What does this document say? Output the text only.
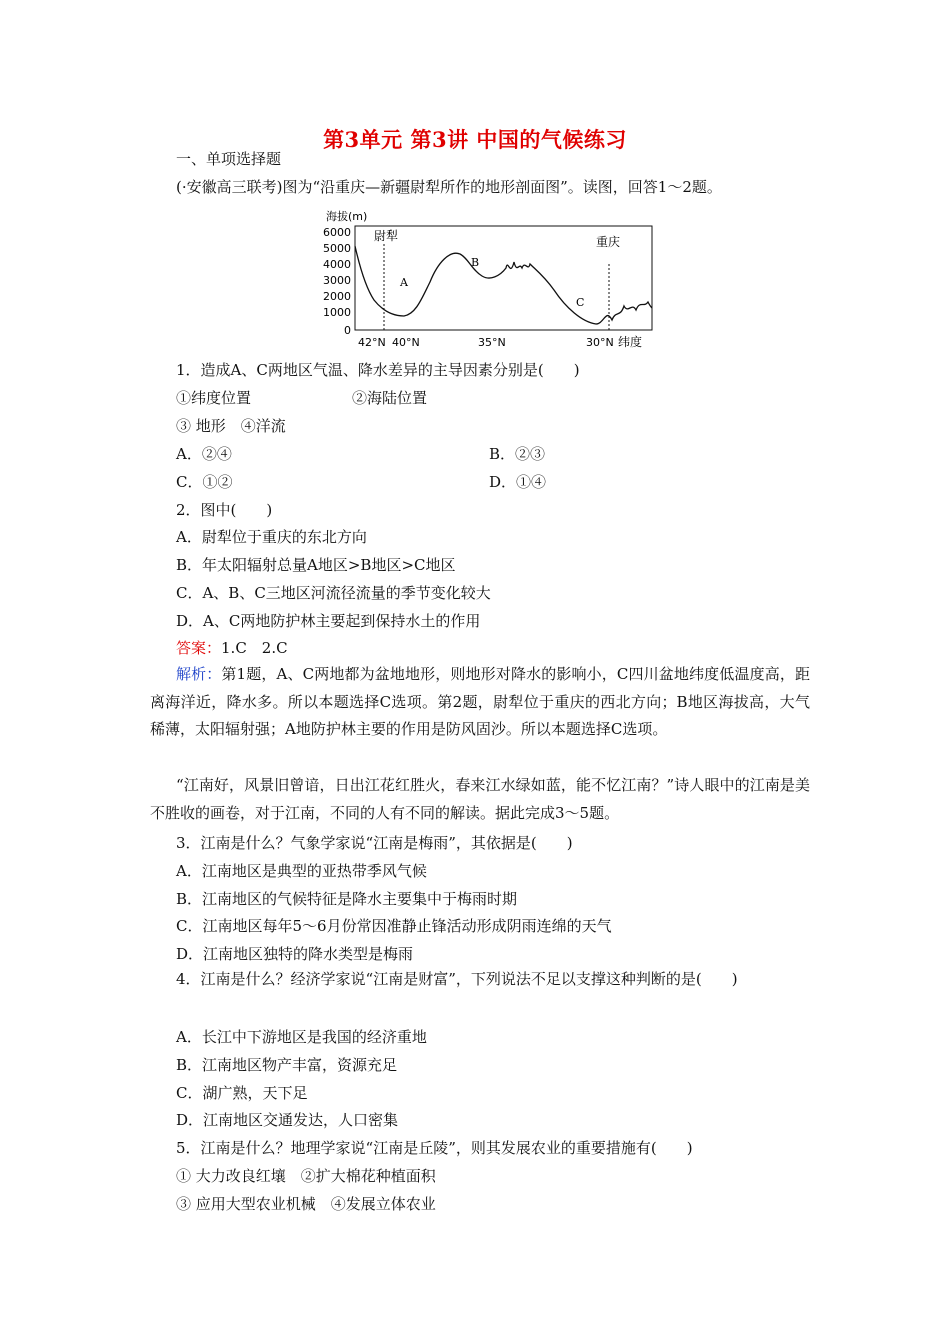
第3单元 第3讲 中国的气候练习
一、单项选择题
(·安徽高三联考)图为“沿重庆—新疆尉犁所作的地形剖面图”。读图，回答1～2题。
海拔(m)
6000
5000
4000
3000
2000
1000
0
尉犁	重庆
A
B
C
42°N 40°N	35°N	30°N 纬度
1．造成A、C两地区气温、降水差异的主导因素分别是(　　)
①纬度位置	②海陆位置
③ 地形　④洋流
A．②④	B．②③
C．①②	D．①④
2．图中(　　)
A．尉犁位于重庆的东北方向
B．年太阳辐射总量A地区>B地区>C地区
C．A、B、C三地区河流径流量的季节变化较大
D．A、C两地防护林主要起到保持水土的作用
答案：1.C　2.C
解析：第1题，A、C两地都为盆地地形，则地形对降水的影响小，C四川盆地纬度低温度高，距离海洋近，降水多。所以本题选择C选项。第2题，尉犁位于重庆的西北方向；B地区海拔高，大气稀薄，太阳辐射强；A地防护林主要的作用是防风固沙。所以本题选择C选项。
“江南好，风景旧曾谙，日出江花红胜火，春来江水绿如蓝，能不忆江南？”诗人眼中的江南是美不胜收的画卷，对于江南，不同的人有不同的解读。据此完成3～5题。
3．江南是什么？气象学家说“江南是梅雨”，其依据是(　　)
A．江南地区是典型的亚热带季风气候
B．江南地区的气候特征是降水主要集中于梅雨时期
C．江南地区每年5～6月份常因准静止锋活动形成阴雨连绵的天气
D．江南地区独特的降水类型是梅雨
4．江南是什么？经济学家说“江南是财富”，下列说法不足以支撑这种判断的是(　　)
A．长江中下游地区是我国的经济重地
B．江南地区物产丰富，资源充足
C．湖广熟，天下足
D．江南地区交通发达，人口密集
5．江南是什么？地理学家说“江南是丘陵”，则其发展农业的重要措施有(　　)
① 大力改良红壤　②扩大棉花种植面积
③ 应用大型农业机械　④发展立体农业
